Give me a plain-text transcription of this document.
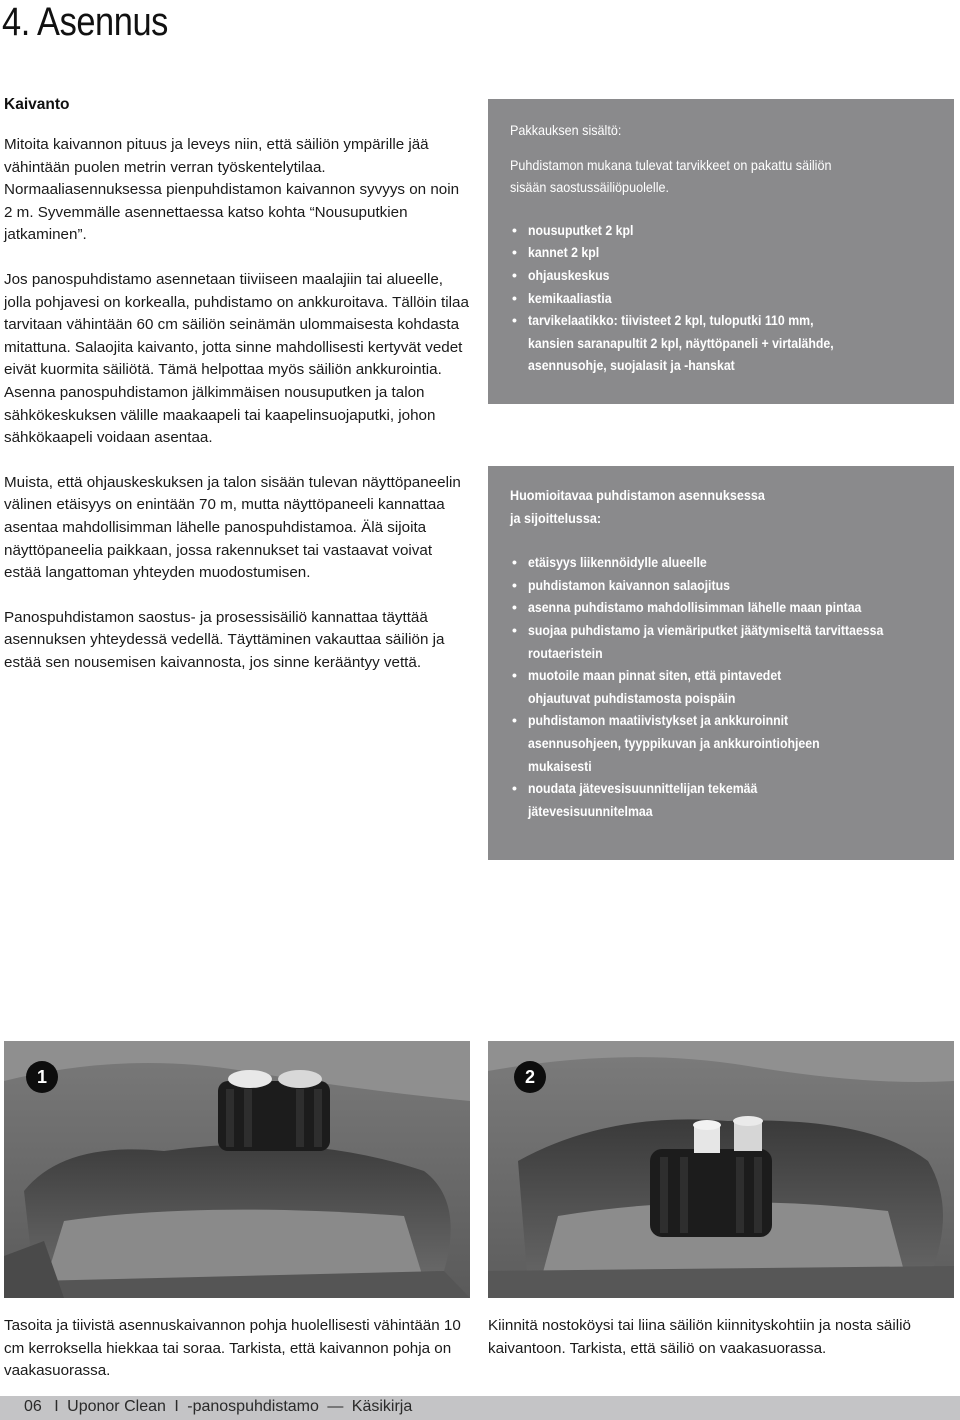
4. Asennus
Kaivanto

Mitoita kaivannon pituus ja leveys niin, että säiliön ympärille jää vähintään puolen metrin verran työskentelytilaa. Normaaliasennuksessa pienpuhdistamon kaivannon syvyys on noin 2 m. Syvemmälle asennettaessa katso kohta “Nousuputkien jatkaminen”.

Jos panospuhdistamo asennetaan tiiviiseen maalajiin tai alueelle, jolla pohjavesi on korkealla, puhdistamo on ankkuroitava. Tällöin tilaa tarvitaan vähintään 60 cm säiliön seinämän ulommaisesta kohdasta mitattuna. Salaojita kaivanto, jotta sinne mahdollisesti kertyvät vedet eivät kuormita säiliötä. Tämä helpottaa myös säiliön ankkurointia. Asenna panospuhdistamon jälkimmäisen nousuputken ja talon sähkökeskuksen välille maakaapeli tai kaapelinsuojaputki, johon sähkökaapeli voidaan asentaa.

Muista, että ohjauskeskuksen ja talon sisään tulevan näyttöpaneelin välinen etäisyys on enintään 70 m, mutta näyttöpaneeli kannattaa asentaa mahdollisimman lähelle panospuhdistamoa. Älä sijoita näyttöpaneelia paikkaan, jossa rakennukset tai vastaavat voivat estää langattoman yhteyden muodostumisen.

Panospuhdistamon saostus- ja prosessisäiliö kannattaa täyttää asennuksen yhteydessä vedellä. Täyttäminen vakauttaa säiliön ja estää sen nousemisen kaivannosta, jos sinne kerääntyy vettä.

Pakkauksen sisältö:
Puhdistamon mukana tulevat tarvikkeet on pakattu säiliön
sisään saostussäiliöpuolelle.
• nousuputket 2 kpl
• kannet 2 kpl
• ohjauskeskus
• kemikaaliastia
• tarvikelaatikko: tiivisteet 2 kpl, tuloputki 110 mm,
kansien saranapultit 2 kpl, näyttöpaneli + virtalähde,
asennusohje, suojalasit ja -hanskat
Huomioitavaa puhdistamon asennuksessa
ja sijoittelussa:
• etäisyys liikennöidylle alueelle
• puhdistamon kaivannon salaojitus
• asenna puhdistamo mahdollisimman lähelle maan pintaa
• suojaa puhdistamo ja viemäriputket jäätymiseltä tarvittaessa
routaeristein
• muotoile maan pinnat siten, että pintavedet
ohjautuvat puhdistamosta poispäin
• puhdistamon maatiivistykset ja ankkuroinnit
asennusohjeen, tyyppikuvan ja ankkurointiohjeen mukaisesti
• noudata jätevesisuunnittelijan tekemää
jätevesisuunnitelmaa
1	2

Tasoita ja tiivistä asennuskaivannon pohja huolellisesti vähintään 10 cm kerroksella hiekkaa tai soraa. Tarkista, että kaivannon pohja on vaakasuorassa.

Kiinnitä nostoköysi tai liina säiliön kiinnityskohtiin ja nosta säiliö kaivantoon. Tarkista, että säiliö on vaakasuorassa.

06 I Uponor Clean I -panospuhdistamo — Käsikirja
